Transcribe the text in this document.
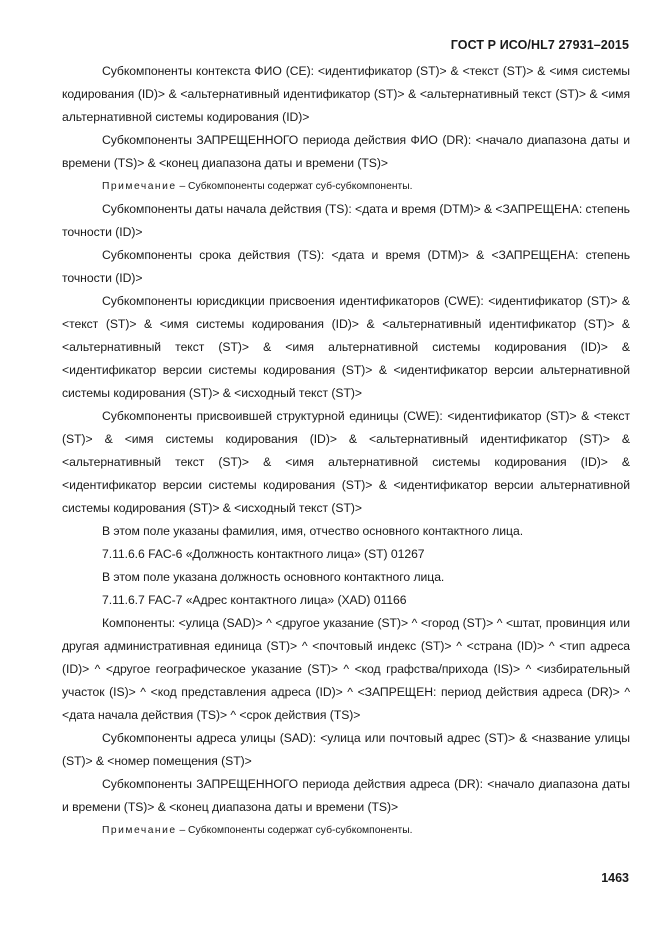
ГОСТ Р ИСО/HL7 27931–2015

Субкомпоненты контекста ФИО (CE): <идентификатор (ST)> & <текст (ST)> & <имя системы кодирования (ID)> & <альтернативный идентификатор (ST)> & <альтернативный текст (ST)> & <имя альтернативной системы кодирования (ID)>

Субкомпоненты ЗАПРЕЩЕННОГО периода действия ФИО (DR): <начало диапазона даты и времени (TS)> & <конец диапазона даты и времени (TS)>

Примечание – Субкомпоненты содержат суб-субкомпоненты.

Субкомпоненты даты начала действия (TS): <дата и время (DTM)> & <ЗАПРЕЩЕНА: степень точности (ID)>

Субкомпоненты срока действия (TS): <дата и время (DTM)> & <ЗАПРЕЩЕНА: степень точности (ID)>

Субкомпоненты юрисдикции присвоения идентификаторов (CWE): <идентификатор (ST)> & <текст (ST)> & <имя системы кодирования (ID)> & <альтернативный идентификатор (ST)> & <альтернативный текст (ST)> & <имя альтернативной системы кодирования (ID)> & <идентификатор версии системы кодирования (ST)> & <идентификатор версии альтернативной системы кодирования (ST)> & <исходный текст (ST)>

Субкомпоненты присвоившей структурной единицы (CWE): <идентификатор (ST)> & <текст (ST)> & <имя системы кодирования (ID)> & <альтернативный идентификатор (ST)> & <альтернативный текст (ST)> & <имя альтернативной системы кодирования (ID)> & <идентификатор версии системы кодирования (ST)> & <идентификатор версии альтернативной системы кодирования (ST)> & <исходный текст (ST)>

В этом поле указаны фамилия, имя, отчество основного контактного лица.

7.11.6.6 FAC-6 «Должность контактного лица» (ST) 01267

В этом поле указана должность основного контактного лица.

7.11.6.7 FAC-7 «Адрес контактного лица» (XAD) 01166

Компоненты: <улица (SAD)> ^ <другое указание (ST)> ^ <город (ST)> ^ <штат, провинция или другая административная единица (ST)> ^ <почтовый индекс (ST)> ^ <страна (ID)> ^ <тип адреса (ID)> ^ <другое географическое указание (ST)> ^ <код графства/прихода (IS)> ^ <избирательный участок (IS)> ^ <код представления адреса (ID)> ^ <ЗАПРЕЩЕН: период действия адреса (DR)> ^ <дата начала действия (TS)> ^ <срок действия (TS)>

Субкомпоненты адреса улицы (SAD): <улица или почтовый адрес (ST)> & <название улицы (ST)> & <номер помещения (ST)>

Субкомпоненты ЗАПРЕЩЕННОГО периода действия адреса (DR): <начало диапазона даты и времени (TS)> & <конец диапазона даты и времени (TS)>

Примечание – Субкомпоненты содержат суб-субкомпоненты.

1463
